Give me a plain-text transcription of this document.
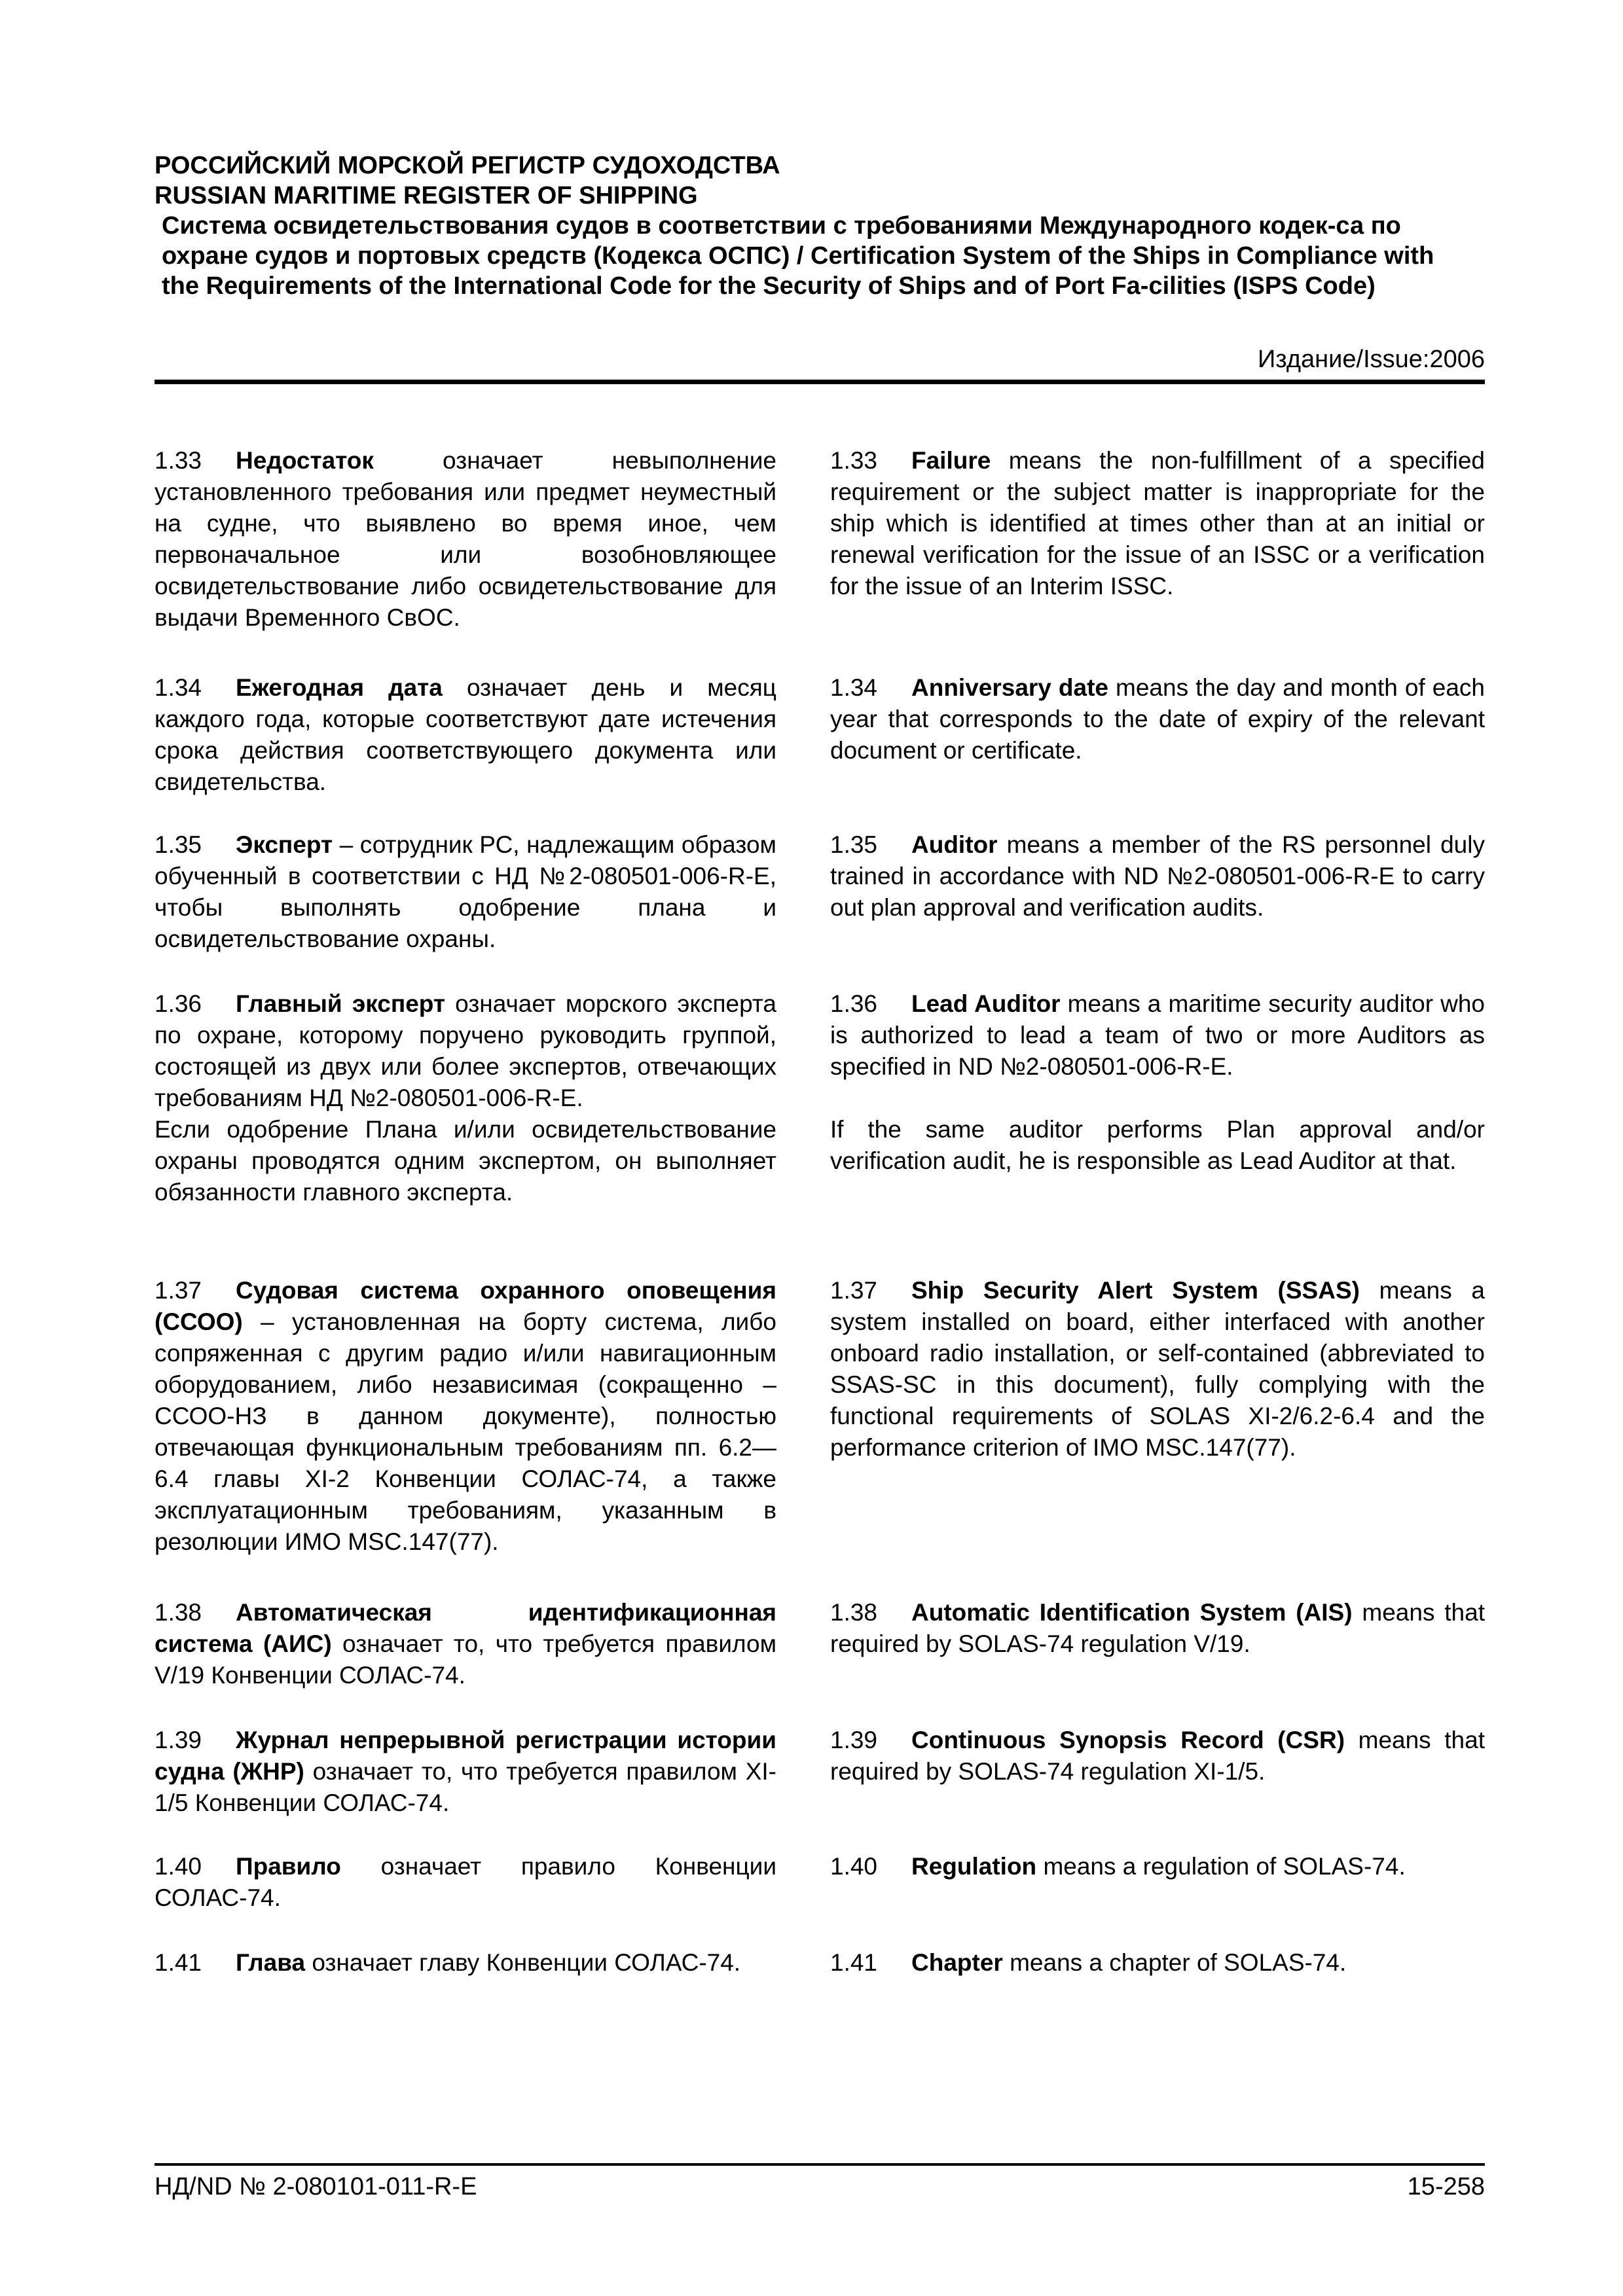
РОССИЙСКИЙ МОРСКОЙ РЕГИСТР СУДОХОДСТВА
RUSSIAN MARITIME REGISTER OF SHIPPING
Система освидетельствования судов в соответствии с требованиями Международного кодек-са по охране судов и портовых средств (Кодекса ОСПС) / Certification System of the Ships in Compliance with the Requirements of the International Code for the Security of Ships and of Port Fa-cilities (ISPS Code)
Издание/Issue:2006

1.33 Недостаток означает невыполнение установленного требования или предмет неуместный на судне, что выявлено во время иное, чем первоначальное или возобновляющее освидетельствование либо освидетельствование для выдачи Временного СвОС.

1.34 Ежегодная дата означает день и месяц каждого года, которые соответствуют дате истечения срока действия соответствующего документа или свидетельства.

1.35 Эксперт – сотрудник РС, надлежащим образом обученный в соответствии с НД №2-080501-006-R-E, чтобы выполнять одобрение плана и освидетельствование охраны.

1.36 Главный эксперт означает морского эксперта по охране, которому поручено руководить группой, состоящей из двух или более экспертов, отвечающих требованиям НД №2-080501-006-R-E.

Если одобрение Плана и/или освидетельствование охраны проводятся одним экспертом, он выполняет обязанности главного эксперта.

1.37 Судовая система охранного оповещения (ССОО) – установленная на борту система, либо сопряженная с другим радио и/или навигационным оборудованием, либо независимая (сокращенно – ССОО-НЗ в данном документе), полностью отвечающая функциональным требованиям пп. 6.2—6.4 главы XI-2 Конвенции СОЛАС-74, а также эксплуатационным требованиям, указанным в резолюции ИМО MSC.147(77).

1.38 Автоматическая идентификационная система (АИС) означает то, что требуется правилом V/19 Конвенции СОЛАС-74.

1.39 Журнал непрерывной регистрации истории судна (ЖНР) означает то, что требуется правилом XI-1/5 Конвенции СОЛАС-74.

1.40 Правило означает правило Конвенции СОЛАС-74.

1.41 Глава означает главу Конвенции СОЛАС-74.

1.33 Failure means the non-fulfillment of a specified requirement or the subject matter is inappropriate for the ship which is identified at times other than at an initial or renewal verification for the issue of an ISSC or a verification for the issue of an Interim ISSC.

1.34 Anniversary date means the day and month of each year that corresponds to the date of expiry of the relevant document or certificate.

1.35 Auditor means a member of the RS personnel duly trained in accordance with ND №2-080501-006-R-E to carry out plan approval and verification audits.

1.36 Lead Auditor means a maritime security auditor who is authorized to lead a team of two or more Auditors as specified in ND №2-080501-006-R-E.

If the same auditor performs Plan approval and/or verification audit, he is responsible as Lead Auditor at that.

1.37 Ship Security Alert System (SSAS) means a system installed on board, either interfaced with another onboard radio installation, or self-contained (abbreviated to SSAS-SC in this document), fully complying with the functional requirements of SOLAS XI-2/6.2-6.4 and the performance criterion of IMO MSC.147(77).

1.38 Automatic Identification System (AIS) means that required by SOLAS-74 regulation V/19.

1.39 Continuous Synopsis Record (CSR) means that required by SOLAS-74 regulation XI-1/5.

1.40 Regulation means a regulation of SOLAS-74.

1.41 Chapter means a chapter of SOLAS-74.

НД/ND № 2-080101-011-R-E	15-258
